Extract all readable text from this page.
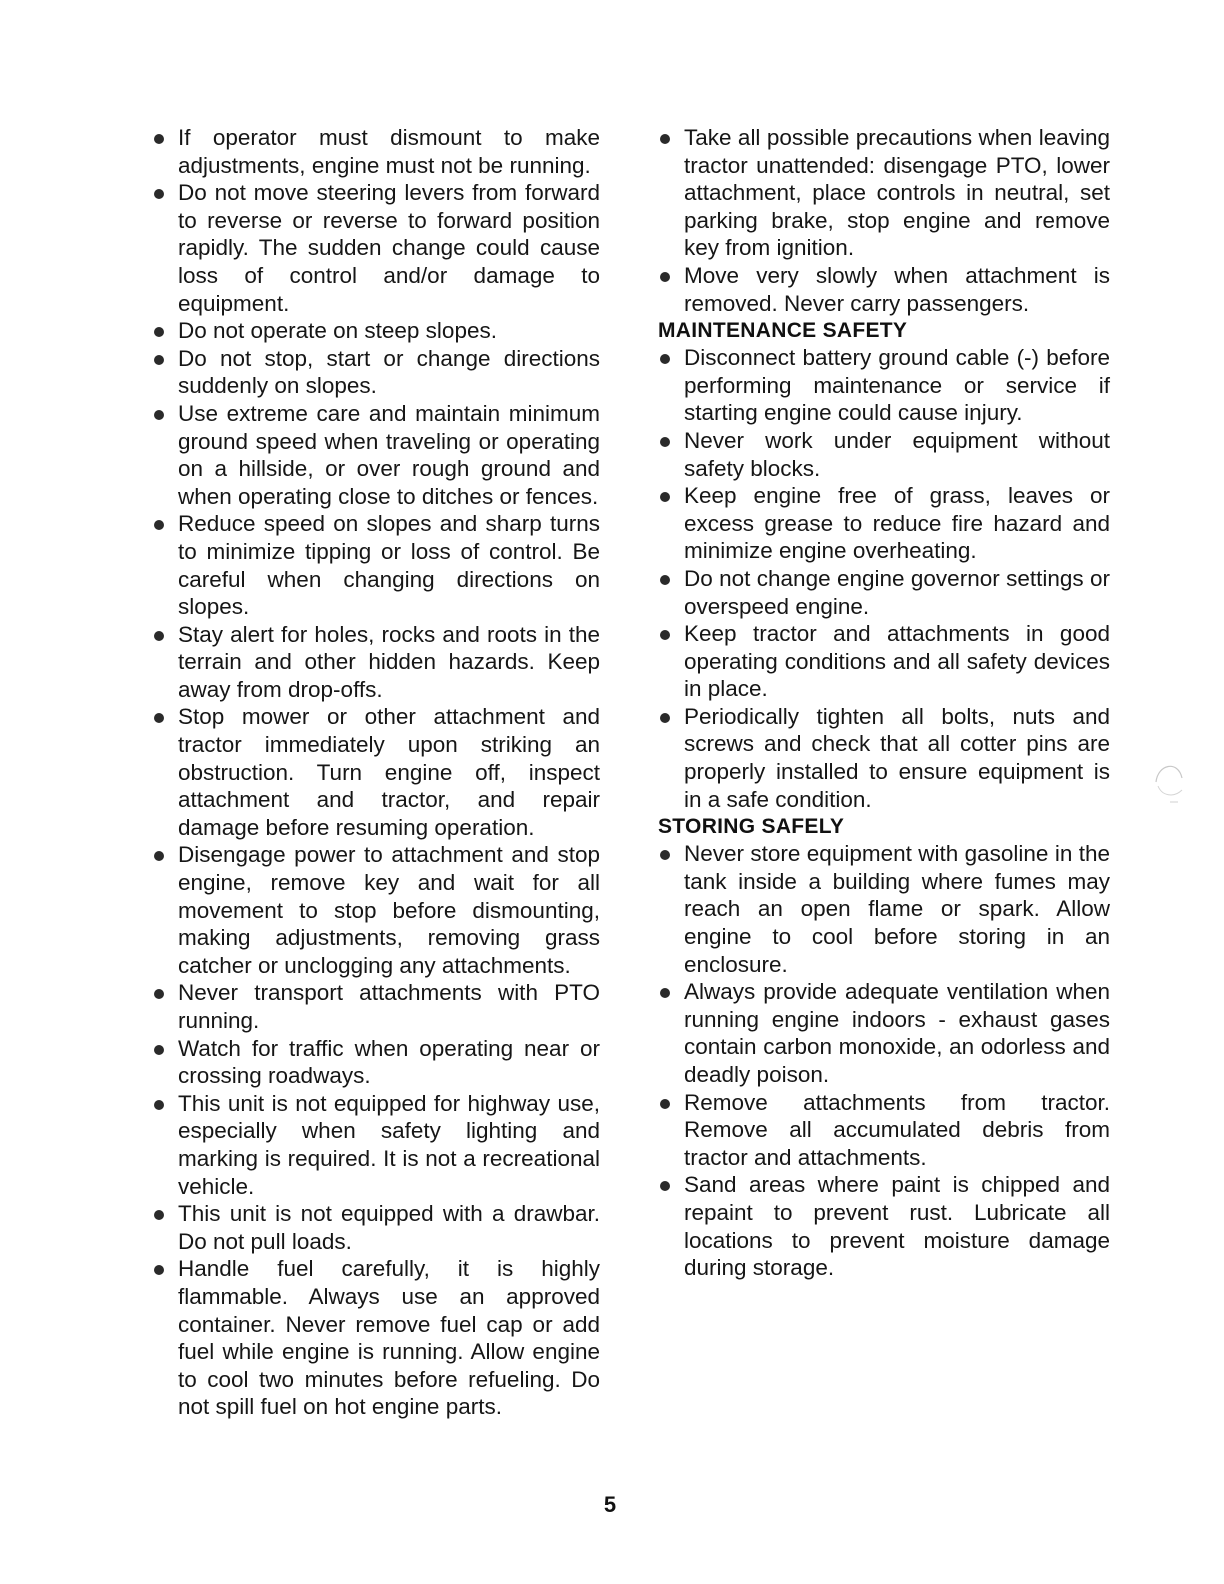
If operator must dismount to make adjustments, engine must not be running.
Do not move steering levers from forward to reverse or reverse to forward position rapidly. The sudden change could cause loss of control and/or damage to equipment.
Do not operate on steep slopes.
Do not stop, start or change directions suddenly on slopes.
Use extreme care and maintain minimum ground speed when traveling or operating on a hillside, or over rough ground and when operating close to ditches or fences.
Reduce speed on slopes and sharp turns to minimize tipping or loss of control. Be careful when changing directions on slopes.
Stay alert for holes, rocks and roots in the terrain and other hidden hazards. Keep away from drop-offs.
Stop mower or other attachment and tractor immediately upon striking an obstruction. Turn engine off, inspect attachment and tractor, and repair damage before resuming operation.
Disengage power to attachment and stop engine, remove key and wait for all movement to stop before dismounting, making adjustments, removing grass catcher or unclogging any attachments.
Never transport attachments with PTO running.
Watch for traffic when operating near or crossing roadways.
This unit is not equipped for highway use, especially when safety lighting and marking is required. It is not a recreational vehicle.
This unit is not equipped with a drawbar. Do not pull loads.
Handle fuel carefully, it is highly flammable. Always use an approved container. Never remove fuel cap or add fuel while engine is running. Allow engine to cool two minutes before refueling. Do not spill fuel on hot engine parts.
Take all possible precautions when leaving tractor unattended: disengage PTO, lower attachment, place controls in neutral, set parking brake, stop engine and remove key from ignition.
Move very slowly when attachment is removed. Never carry passengers.
MAINTENANCE SAFETY
Disconnect battery ground cable (-) before performing maintenance or service if starting engine could cause injury.
Never work under equipment without safety blocks.
Keep engine free of grass, leaves or excess grease to reduce fire hazard and minimize engine overheating.
Do not change engine governor settings or overspeed engine.
Keep tractor and attachments in good operating conditions and all safety devices in place.
Periodically tighten all bolts, nuts and screws and check that all cotter pins are properly installed to ensure equipment is in a safe condition.
STORING SAFELY
Never store equipment with gasoline in the tank inside a building where fumes may reach an open flame or spark. Allow engine to cool before storing in an enclosure.
Always provide adequate ventilation when running engine indoors - exhaust gases contain carbon monoxide, an odorless and deadly poison.
Remove attachments from tractor. Remove all accumulated debris from tractor and attachments.
Sand areas where paint is chipped and repaint to prevent rust. Lubricate all locations to prevent moisture damage during storage.
5
